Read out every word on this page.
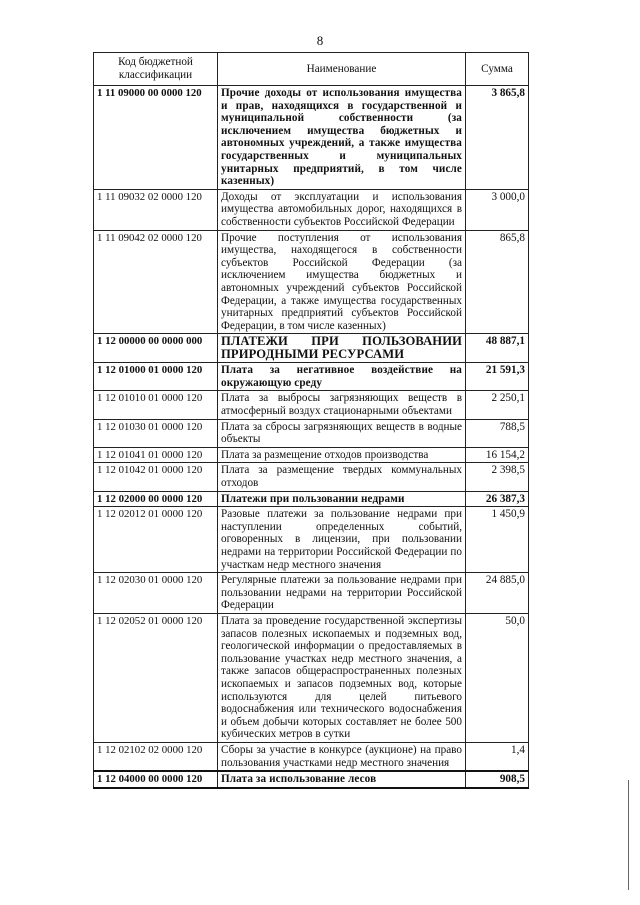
8
Код бюджетной классификации	Наименование	Сумма
1 11 09000 00 0000 120	Прочие доходы от использования имущества и прав, находящихся в государственной и муниципальной собственности (за исключением имущества бюджетных и автономных учреждений, а также имущества государственных и муниципальных унитарных предприятий, в том числе казенных)	3 865,8
1 11 09032 02 0000 120	Доходы от эксплуатации и использования имущества автомобильных дорог, находящихся в собственности субъектов Российской Федерации	3 000,0
1 11 09042 02 0000 120	Прочие поступления от использования имущества, находящегося в собственности субъектов Российской Федерации (за исключением имущества бюджетных и автономных учреждений субъектов Российской Федерации, а также имущества государственных унитарных предприятий субъектов Российской Федерации, в том числе казенных)	865,8
1 12 00000 00 0000 000	ПЛАТЕЖИ ПРИ ПОЛЬЗОВАНИИ ПРИРОДНЫМИ РЕСУРСАМИ	48 887,1
1 12 01000 01 0000 120	Плата за негативное воздействие на окружающую среду	21 591,3
1 12 01010 01 0000 120	Плата за выбросы загрязняющих веществ в атмосферный воздух стационарными объектами	2 250,1
1 12 01030 01 0000 120	Плата за сбросы загрязняющих веществ в водные объекты	788,5
1 12 01041 01 0000 120	Плата за размещение отходов производства	16 154,2
1 12 01042 01 0000 120	Плата за размещение твердых коммунальных отходов	2 398,5
1 12 02000 00 0000 120	Платежи при пользовании недрами	26 387,3
1 12 02012 01 0000 120	Разовые платежи за пользование недрами при наступлении определенных событий, оговоренных в лицензии, при пользовании недрами на территории Российской Федерации по участкам недр местного значения	1 450,9
1 12 02030 01 0000 120	Регулярные платежи за пользование недрами при пользовании недрами на территории Российской Федерации	24 885,0
1 12 02052 01 0000 120	Плата за проведение государственной экспертизы запасов полезных ископаемых и подземных вод, геологической информации о предоставляемых в пользование участках недр местного значения, а также запасов общераспространенных полезных ископаемых и запасов подземных вод, которые используются для целей питьевого водоснабжения или технического водоснабжения и объем добычи которых составляет не более 500 кубических метров в сутки	50,0
1 12 02102 02 0000 120	Сборы за участие в конкурсе (аукционе) на право пользования участками недр местного значения	1,4
1 12 04000 00 0000 120	Плата за использование лесов	908,5
